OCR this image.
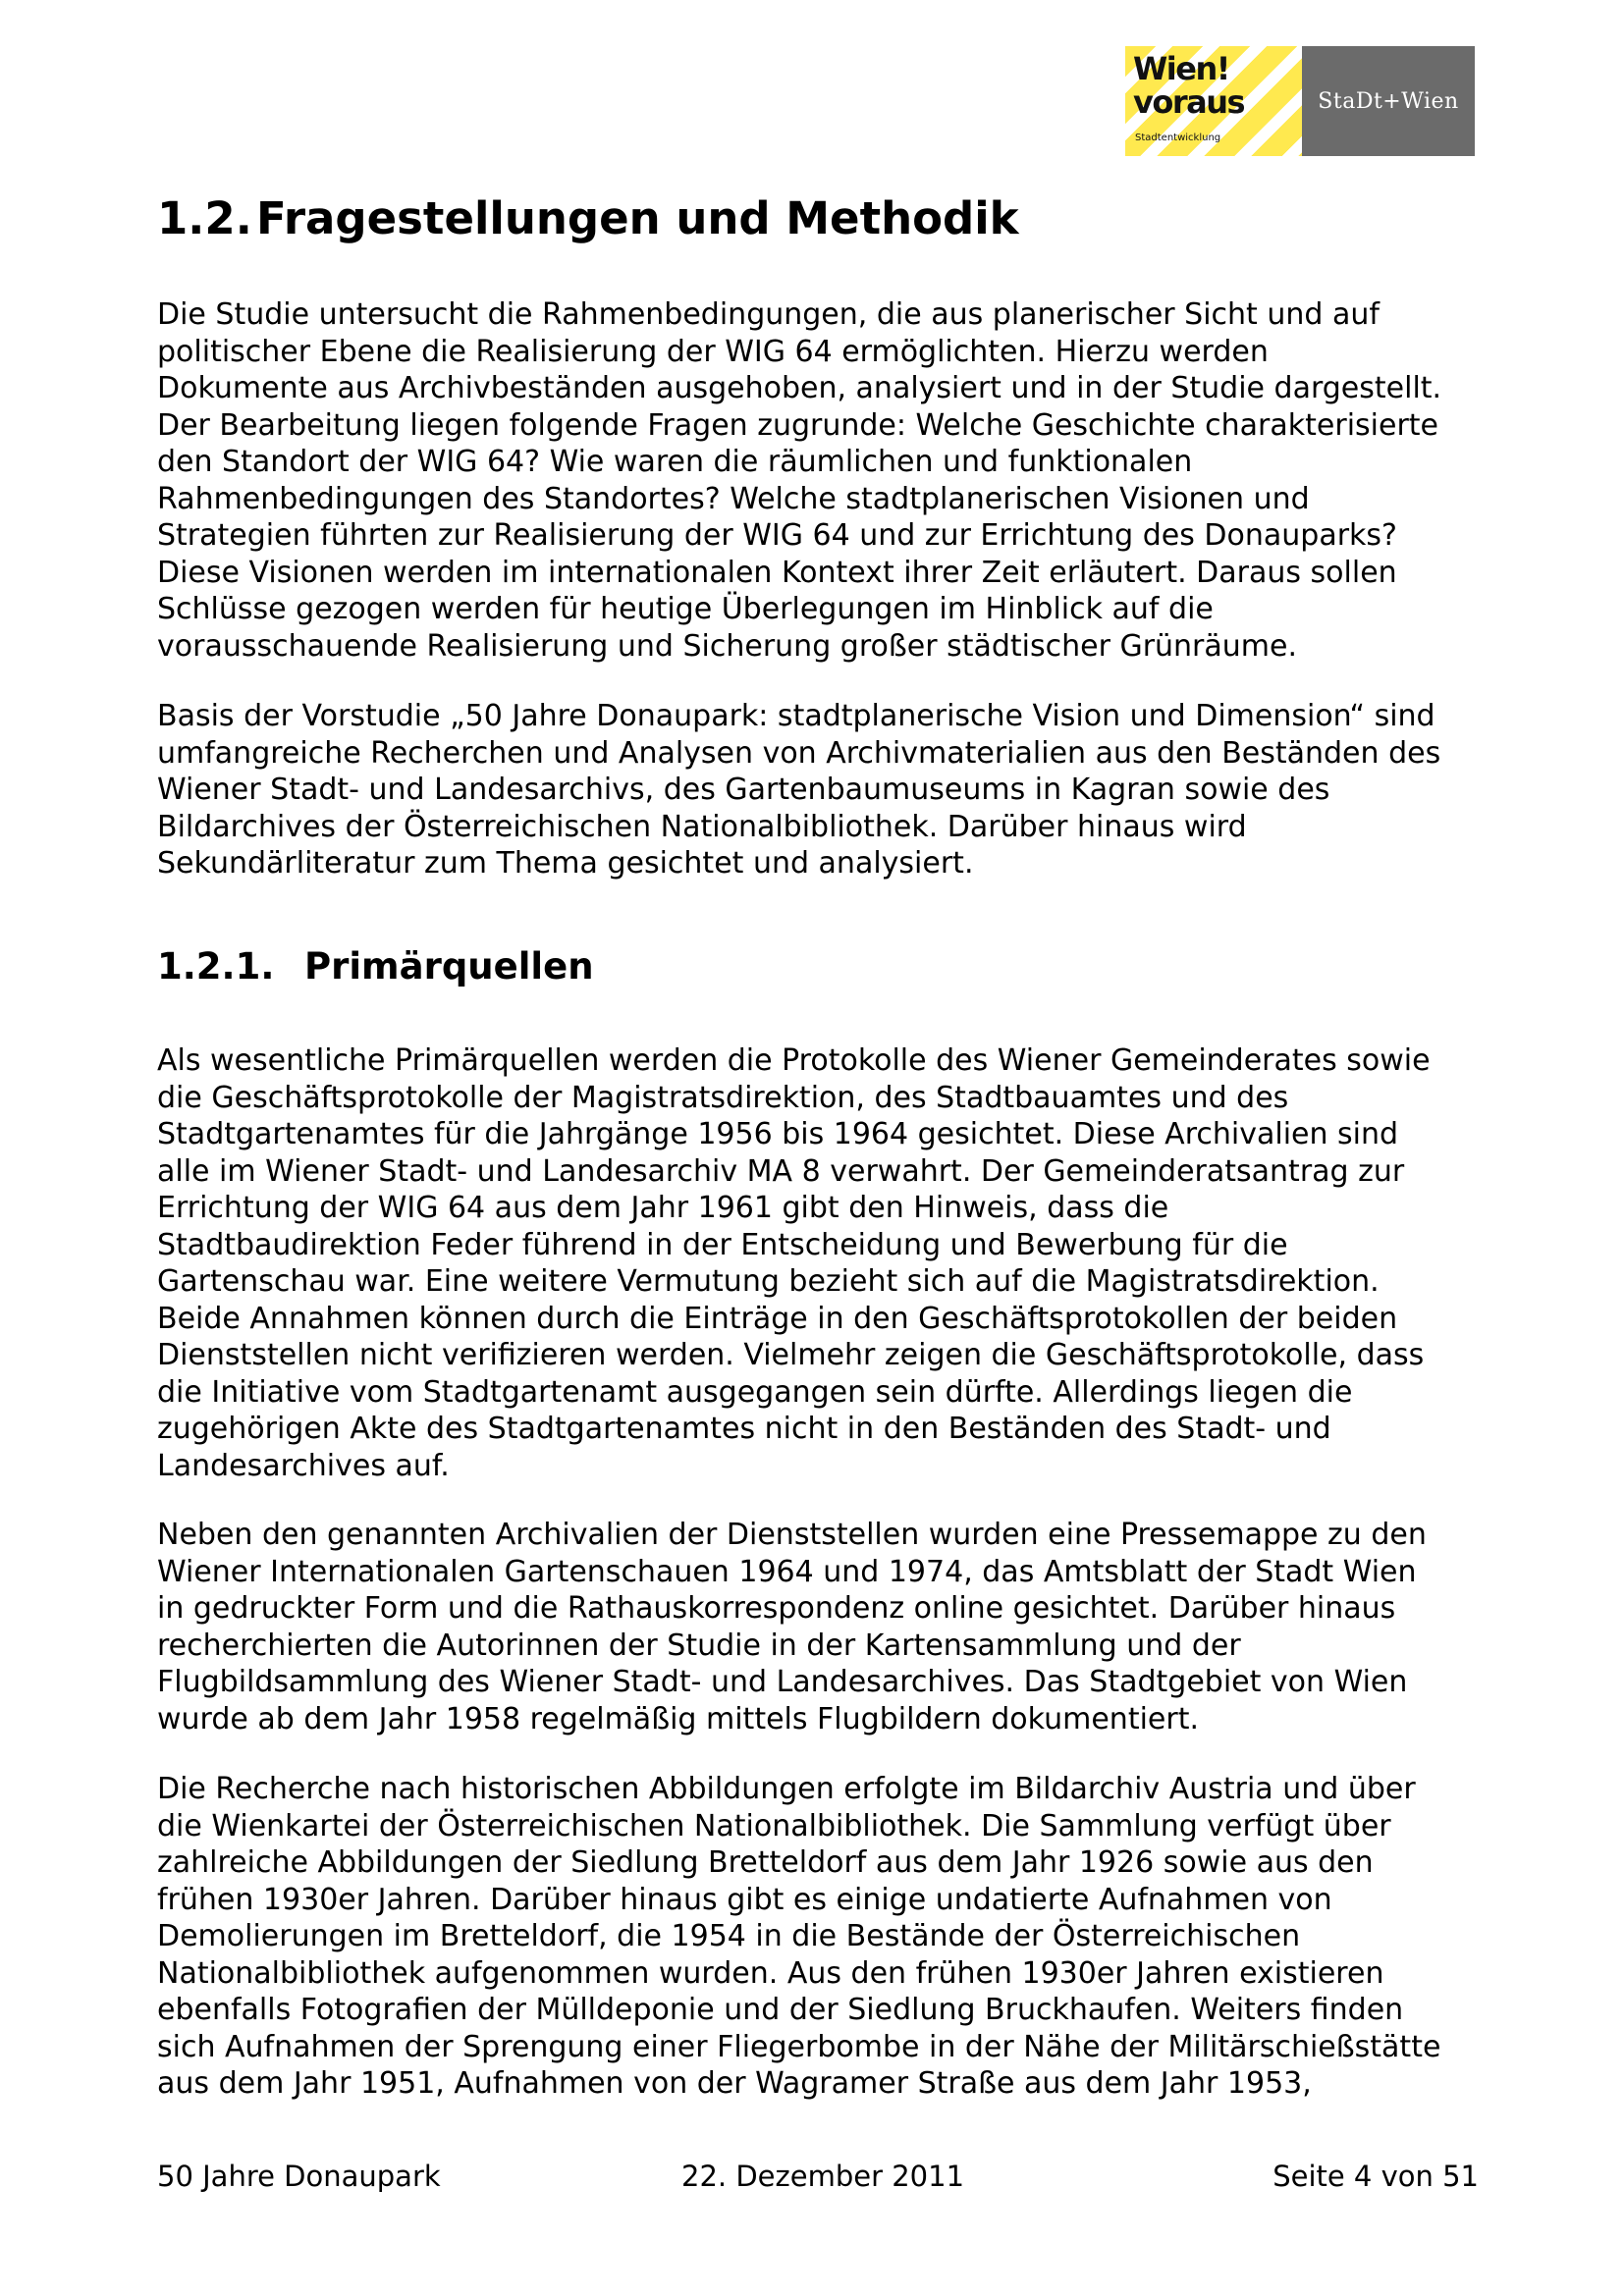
Wien!
voraus
Stadtentwicklung
StaDt+Wien
1.2.Fragestellungen und Methodik

Die Studie untersucht die Rahmenbedingungen, die aus planerischer Sicht und auf
politischer Ebene die Realisierung der WIG 64 ermöglichten. Hierzu werden
Dokumente aus Archivbeständen ausgehoben, analysiert und in der Studie dargestellt.
Der Bearbeitung liegen folgende Fragen zugrunde: Welche Geschichte charakterisierte
den Standort der WIG 64? Wie waren die räumlichen und funktionalen
Rahmenbedingungen des Standortes? Welche stadtplanerischen Visionen und
Strategien führten zur Realisierung der WIG 64 und zur Errichtung des Donauparks?
Diese Visionen werden im internationalen Kontext ihrer Zeit erläutert. Daraus sollen
Schlüsse gezogen werden für heutige Überlegungen im Hinblick auf die
vorausschauende Realisierung und Sicherung großer städtischer Grünräume.

Basis der Vorstudie „50 Jahre Donaupark: stadtplanerische Vision und Dimension“ sind
umfangreiche Recherchen und Analysen von Archivmaterialien aus den Beständen des
Wiener Stadt- und Landesarchivs, des Gartenbaumuseums in Kagran sowie des
Bildarchives der Österreichischen Nationalbibliothek. Darüber hinaus wird
Sekundärliteratur zum Thema gesichtet und analysiert.

1.2.1. Primärquellen

Als wesentliche Primärquellen werden die Protokolle des Wiener Gemeinderates sowie
die Geschäftsprotokolle der Magistratsdirektion, des Stadtbauamtes und des
Stadtgartenamtes für die Jahrgänge 1956 bis 1964 gesichtet. Diese Archivalien sind
alle im Wiener Stadt- und Landesarchiv MA 8 verwahrt. Der Gemeinderatsantrag zur
Errichtung der WIG 64 aus dem Jahr 1961 gibt den Hinweis, dass die
Stadtbaudirektion Feder führend in der Entscheidung und Bewerbung für die
Gartenschau war. Eine weitere Vermutung bezieht sich auf die Magistratsdirektion.
Beide Annahmen können durch die Einträge in den Geschäftsprotokollen der beiden
Dienststellen nicht verifizieren werden. Vielmehr zeigen die Geschäftsprotokolle, dass
die Initiative vom Stadtgartenamt ausgegangen sein dürfte. Allerdings liegen die
zugehörigen Akte des Stadtgartenamtes nicht in den Beständen des Stadt- und
Landesarchives auf.

Neben den genannten Archivalien der Dienststellen wurden eine Pressemappe zu den
Wiener Internationalen Gartenschauen 1964 und 1974, das Amtsblatt der Stadt Wien
in gedruckter Form und die Rathauskorrespondenz online gesichtet. Darüber hinaus
recherchierten die Autorinnen der Studie in der Kartensammlung und der
Flugbildsammlung des Wiener Stadt- und Landesarchives. Das Stadtgebiet von Wien
wurde ab dem Jahr 1958 regelmäßig mittels Flugbildern dokumentiert.

Die Recherche nach historischen Abbildungen erfolgte im Bildarchiv Austria und über
die Wienkartei der Österreichischen Nationalbibliothek. Die Sammlung verfügt über
zahlreiche Abbildungen der Siedlung Bretteldorf aus dem Jahr 1926 sowie aus den
frühen 1930er Jahren. Darüber hinaus gibt es einige undatierte Aufnahmen von
Demolierungen im Bretteldorf, die 1954 in die Bestände der Österreichischen
Nationalbibliothek aufgenommen wurden. Aus den frühen 1930er Jahren existieren
ebenfalls Fotografien der Mülldeponie und der Siedlung Bruckhaufen. Weiters finden
sich Aufnahmen der Sprengung einer Fliegerbombe in der Nähe der Militärschießstätte
aus dem Jahr 1951, Aufnahmen von der Wagramer Straße aus dem Jahr 1953,

50 Jahre Donaupark	22. Dezember 2011	Seite 4 von 51
